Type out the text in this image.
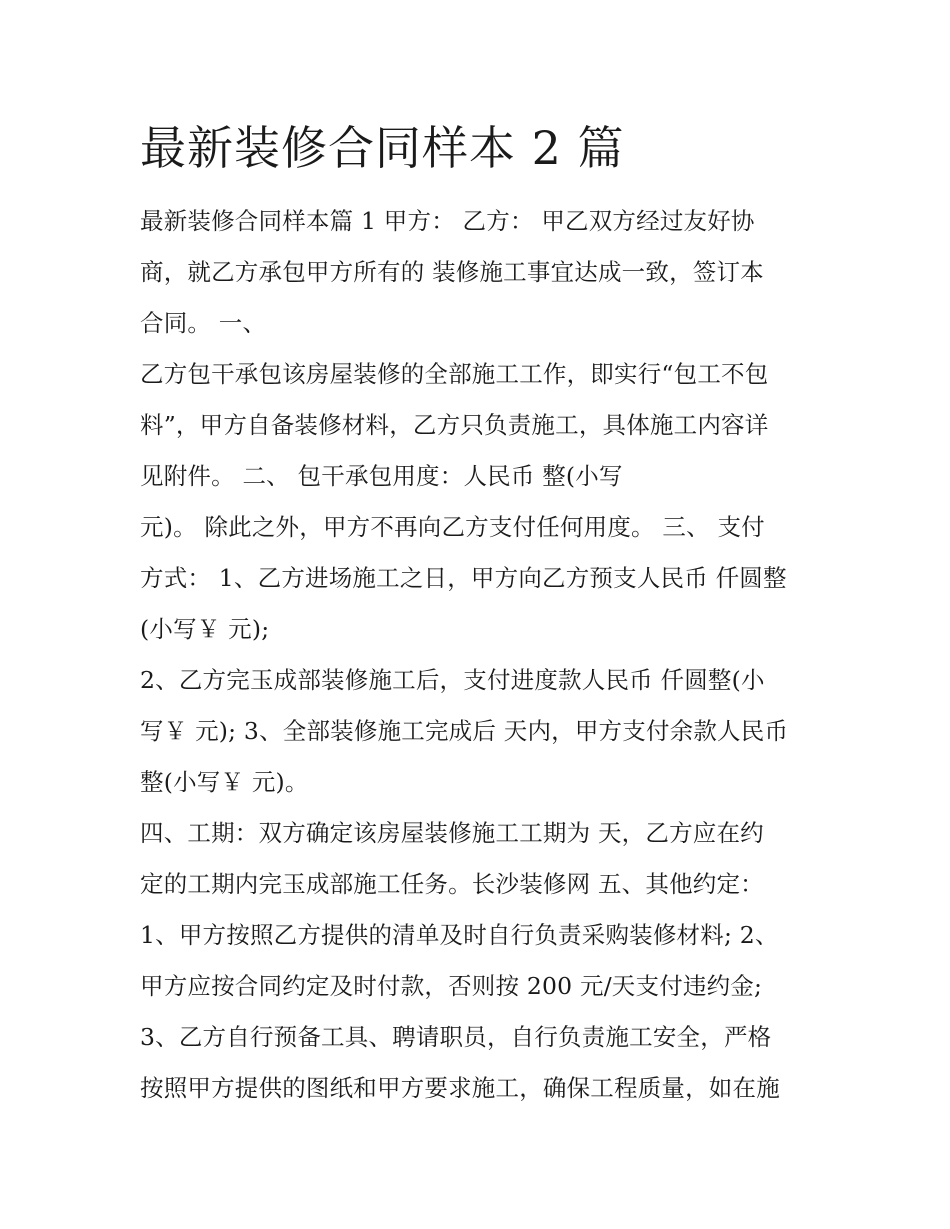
最新装修合同样本 2 篇
最新装修合同样本篇 1 甲方： 乙方： 甲乙双方经过友好协
商，就乙方承包甲方所有的 装修施工事宜达成一致，签订本
合同。 一、
乙方包干承包该房屋装修的全部施工工作，即实行“包工不包
料”，甲方自备装修材料，乙方只负责施工，具体施工内容详
见附件。 二、 包干承包用度：人民币 整(小写
元)。 除此之外，甲方不再向乙方支付任何用度。 三、 支付
方式： 1、乙方进场施工之日，甲方向乙方预支人民币 仟圆整
(小写￥ 元);
2、乙方完玉成部装修施工后，支付进度款人民币 仟圆整(小
写￥ 元); 3、全部装修施工完成后 天内，甲方支付余款人民币
整(小写￥ 元)。
四、工期：双方确定该房屋装修施工工期为 天，乙方应在约
定的工期内完玉成部施工任务。长沙装修网 五、其他约定：
1、甲方按照乙方提供的清单及时自行负责采购装修材料; 2、
甲方应按合同约定及时付款，否则按 200 元/天支付违约金;
3、乙方自行预备工具、聘请职员，自行负责施工安全，严格
按照甲方提供的图纸和甲方要求施工，确保工程质量，如在施
